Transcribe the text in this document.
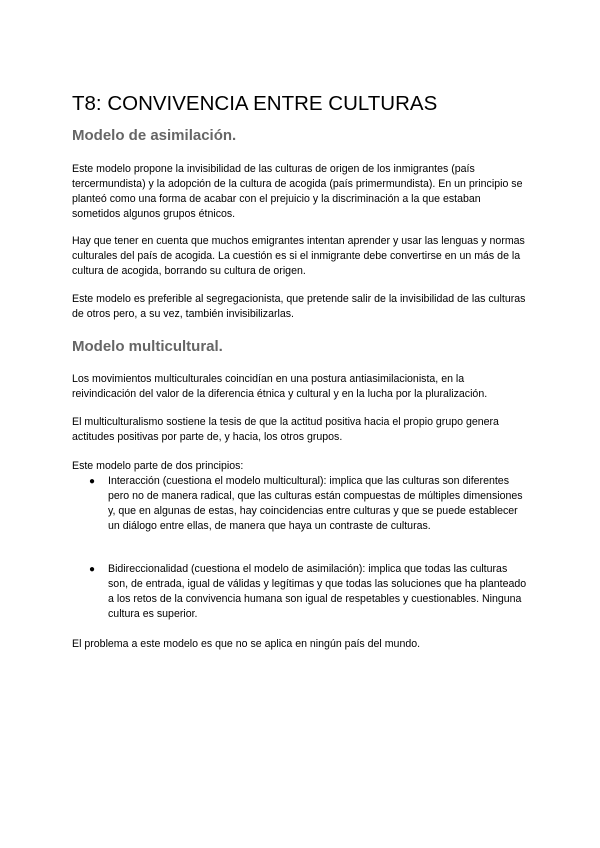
T8: CONVIVENCIA ENTRE CULTURAS
Modelo de asimilación.

Este modelo propone la invisibilidad de las culturas de origen de los inmigrantes (país tercermundista) y la adopción de la cultura de acogida (país primermundista). En un principio se planteó como una forma de acabar con el prejuicio y la discriminación a la que estaban sometidos algunos grupos étnicos.

Hay que tener en cuenta que muchos emigrantes intentan aprender y usar las lenguas y normas culturales del país de acogida. La cuestión es si el inmigrante debe convertirse en un más de la cultura de acogida, borrando su cultura de origen.

Este modelo es preferible al segregacionista, que pretende salir de la invisibilidad de las culturas de otros pero, a su vez, también invisibilizarlas.

Modelo multicultural.

Los movimientos multiculturales coincidían en una postura antiasimilacionista, en la reivindicación del valor de la diferencia étnica y cultural y en la lucha por la pluralización.

El multiculturalismo sostiene la tesis de que la actitud positiva hacia el propio grupo genera actitudes positivas por parte de, y hacia, los otros grupos.

Este modelo parte de dos principios:

● Interacción (cuestiona el modelo multicultural): implica que las culturas son diferentes pero no de manera radical, que las culturas están compuestas de múltiples dimensiones y, que en algunas de estas, hay coincidencias entre culturas y que se puede establecer un diálogo entre ellas, de manera que haya un contraste de culturas.
● Bidireccionalidad (cuestiona el modelo de asimilación): implica que todas las culturas son, de entrada, igual de válidas y legítimas y que todas las soluciones que ha planteado a los retos de la convivencia humana son igual de respetables y cuestionables. Ninguna cultura es superior.

El problema a este modelo es que no se aplica en ningún país del mundo.
